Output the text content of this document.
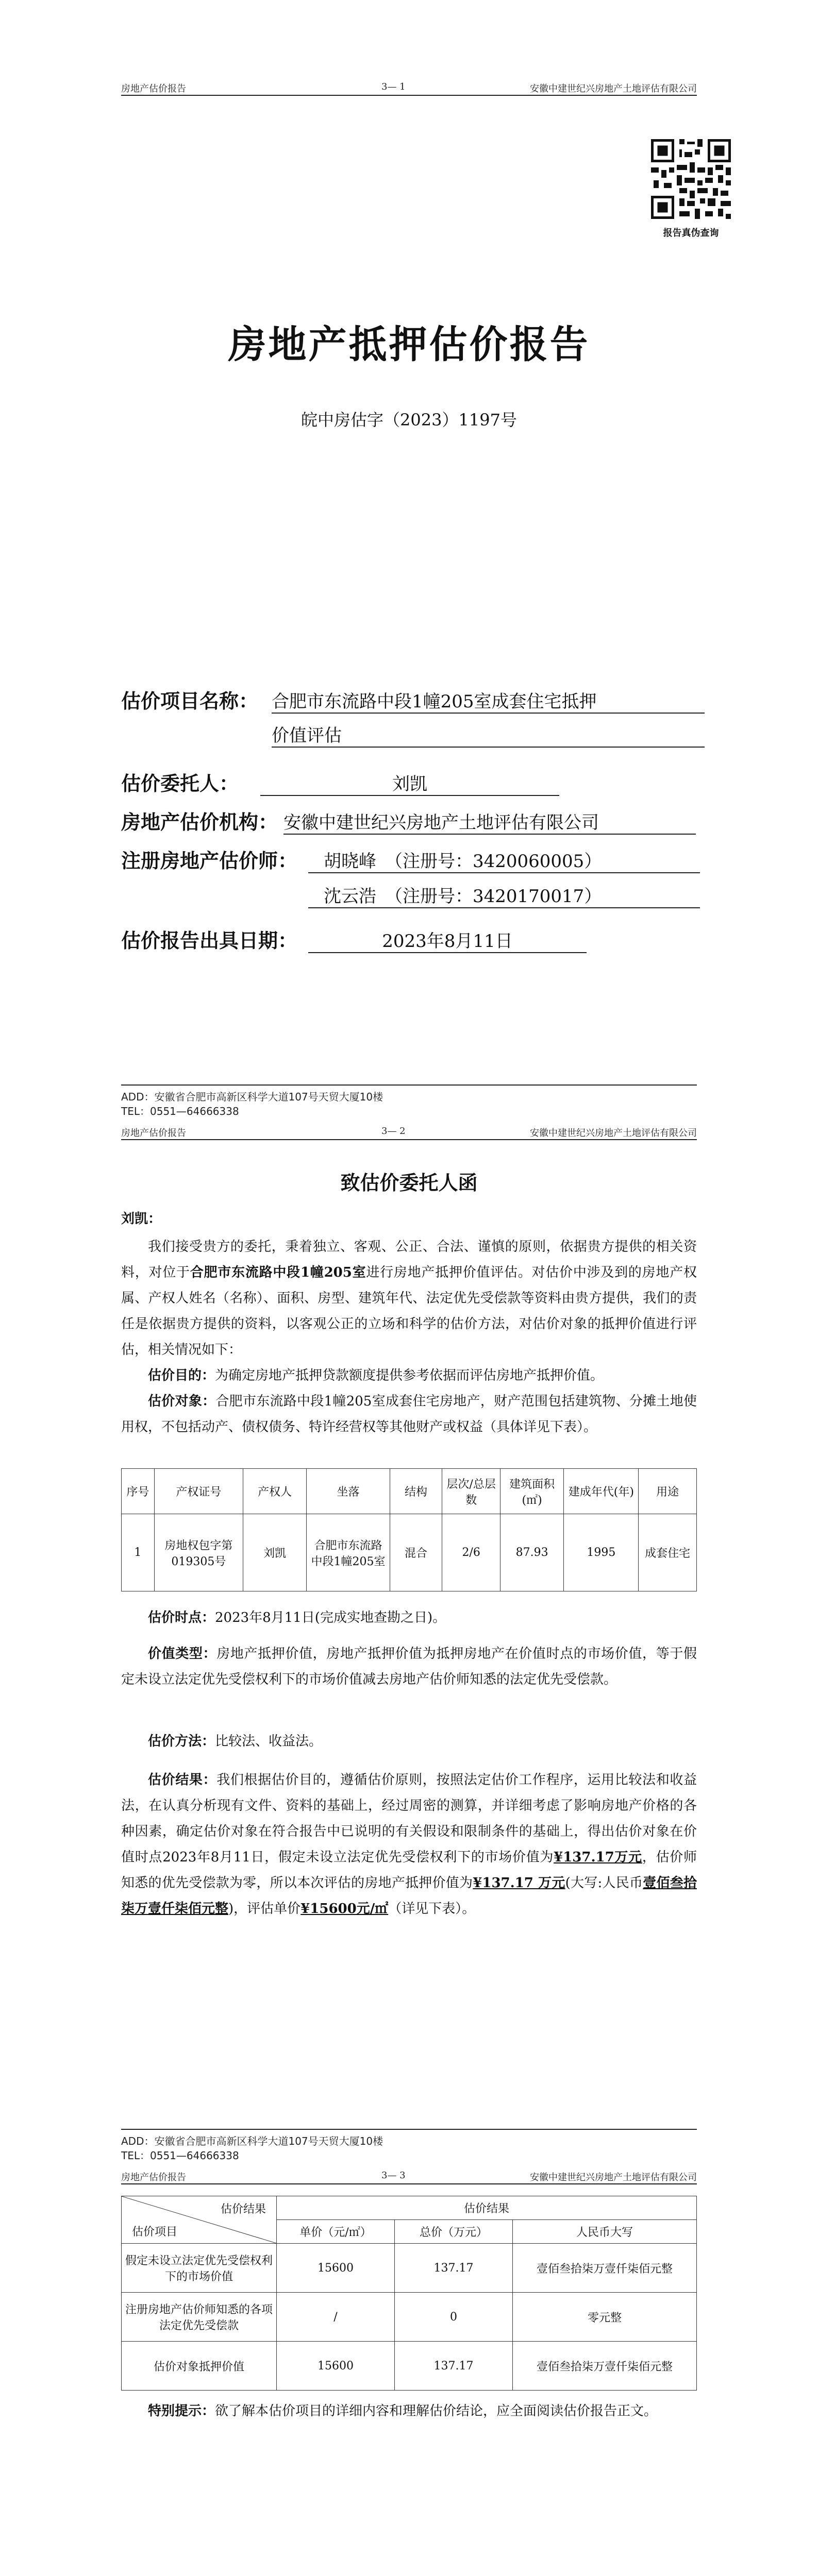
房地产估价报告	3— 1	安徽中建世纪兴房地产土地评估有限公司
报告真伪查询
房地产抵押估价报告
皖中房估字（2023）1197号
估价项目名称： 合肥市东流路中段1幢205室成套住宅抵押
价值评估
估价委托人：	刘凯
房地产估价机构： 安徽中建世纪兴房地产土地评估有限公司
注册房地产估价师：	胡晓峰　（注册号：3420060005）
沈云浩　（注册号：3420170017）
估价报告出具日期：	2023年8月11日
ADD：安徽省合肥市高新区科学大道107号天贸大厦10楼
TEL：0551—64666338
房地产估价报告	3— 2	安徽中建世纪兴房地产土地评估有限公司
致估价委托人函
刘凯：
我们接受贵方的委托，秉着独立、客观、公正、合法、谨慎的原则，依据贵方提供的相关资料，对位于合肥市东流路中段1幢205室进行房地产抵押价值评估。对估价中涉及到的房地产权属、产权人姓名（名称）、面积、房型、建筑年代、法定优先受偿款等资料由贵方提供，我们的责任是依据贵方提供的资料，以客观公正的立场和科学的估价方法，对估价对象的抵押价值进行评估，相关情况如下：
估价目的：为确定房地产抵押贷款额度提供参考依据而评估房地产抵押价值。
估价对象：合肥市东流路中段1幢205室成套住宅房地产，财产范围包括建筑物、分摊土地使用权，不包括动产、债权债务、特许经营权等其他财产或权益（具体详见下表）。
序号	产权证号	产权人	坐落	结构	层次/总层数	建筑面积(㎡)	建成年代(年)	用途
1	房地权包字第019305号	刘凯	合肥市东流路中段1幢205室	混合	2/6	87.93	1995	成套住宅
估价时点：2023年8月11日(完成实地查勘之日)。
价值类型：房地产抵押价值，房地产抵押价值为抵押房地产在价值时点的市场价值，等于假定未设立法定优先受偿权利下的市场价值减去房地产估价师知悉的法定优先受偿款。
估价方法：比较法、收益法。
估价结果：我们根据估价目的，遵循估价原则，按照法定估价工作程序，运用比较法和收益法，在认真分析现有文件、资料的基础上，经过周密的测算，并详细考虑了影响房地产价格的各种因素，确定估价对象在符合报告中已说明的有关假设和限制条件的基础上，得出估价对象在价值时点2023年8月11日，假定未设立法定优先受偿权利下的市场价值为¥137.17万元，估价师知悉的优先受偿款为零，所以本次评估的房地产抵押价值为¥137.17 万元(大写:人民币壹佰叁拾柒万壹仟柒佰元整)，评估单价¥15600元/㎡（详见下表）。
ADD：安徽省合肥市高新区科学大道107号天贸大厦10楼
TEL：0551—64666338
房地产估价报告	3— 3	安徽中建世纪兴房地产土地评估有限公司
估价结果
估价项目	估价结果		
	单价（元/㎡）	总价（万元）	人民币大写
假定未设立法定优先受偿权利下的市场价值	15600	137.17	壹佰叁拾柒万壹仟柒佰元整
注册房地产估价师知悉的各项法定优先受偿款	/	0	零元整
估价对象抵押价值	15600	137.17	壹佰叁拾柒万壹仟柒佰元整
特别提示：欲了解本估价项目的详细内容和理解估价结论，应全面阅读估价报告正文。
